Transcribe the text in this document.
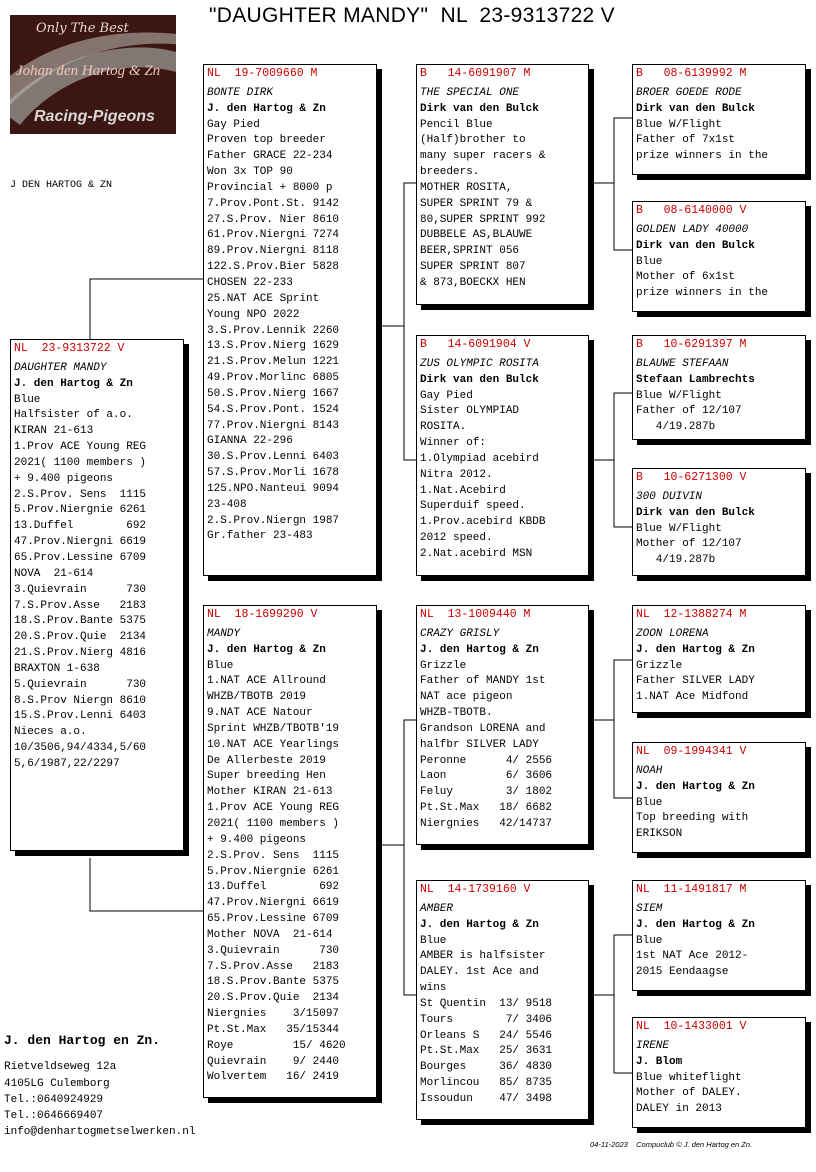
"DAUGHTER MANDY"  NL  23-9313722 V
Only The Best
Johan den Hartog & Zn
Racing-Pigeons
J DEN HARTOG & ZN
NL  23-9313722 V
DAUGHTER MANDY
J. den Hartog & Zn
Blue
Halfsister of a.o.
KIRAN 21-613
1.Prov ACE Young REG
2021( 1100 members )
+ 9.400 pigeons
2.S.Prov. Sens  1115
5.Prov.Niergnie 6261
13.Duffel        692
47.Prov.Niergni 6619
65.Prov.Lessine 6709
NOVA  21-614
3.Quievrain      730
7.S.Prov.Asse   2183
18.S.Prov.Bante 5375
20.S.Prov.Quie  2134
21.S.Prov.Nierg 4816
BRAXTON 1-638
5.Quievrain      730
8.S.Prov Niergn 8610
15.S.Prov.Lenni 6403
Nieces a.o.
10/3506,94/4334,5/60
5,6/1987,22/2297
NL  19-7009660 M
BONTE DIRK
J. den Hartog & Zn
Gay Pied
Proven top breeder
Father GRACE 22-234
Won 3x TOP 90
Provincial + 8000 p
7.Prov.Pont.St. 9142
27.S.Prov. Nier 8610
61.Prov.Niergni 7274
89.Prov.Niergni 8118
122.S.Prov.Bier 5828
CHOSEN 22-233
25.NAT ACE Sprint
Young NPO 2022
3.S.Prov.Lennik 2260
13.S.Prov.Nierg 1629
21.S.Prov.Melun 1221
49.Prov.Morlinc 6805
50.S.Prov.Nierg 1667
54.S.Prov.Pont. 1524
77.Prov.Niergni 8143
GIANNA 22-296
30.S.Prov.Lenni 6403
57.S.Prov.Morli 1678
125.NPO.Nanteui 9094
23-408
2.S.Prov.Niergn 1987
Gr.father 23-483
NL  18-1699290 V
MANDY
J. den Hartog & Zn
Blue
1.NAT ACE Allround
WHZB/TBOTB 2019
9.NAT ACE Natour
Sprint WHZB/TBOTB'19
10.NAT ACE Yearlings
De Allerbeste 2019
Super breeding Hen
Mother KIRAN 21-613
1.Prov ACE Young REG
2021( 1100 members )
+ 9.400 pigeons
2.S.Prov. Sens  1115
5.Prov.Niergnie 6261
13.Duffel        692
47.Prov.Niergni 6619
65.Prov.Lessine 6709
Mother NOVA  21-614
3.Quievrain      730
7.S.Prov.Asse   2183
18.S.Prov.Bante 5375
20.S.Prov.Quie  2134
Niergnies    3/15097
Pt.St.Max   35/15344
Roye         15/ 4620
Quievrain    9/ 2440
Wolvertem   16/ 2419
B   14-6091907 M
THE SPECIAL ONE
Dirk van den Bulck
Pencil Blue
(Half)brother to
many super racers &
breeders.
MOTHER ROSITA,
SUPER SPRINT 79 &
80,SUPER SPRINT 992
DUBBELE AS,BLAUWE
BEER,SPRINT 056
SUPER SPRINT 807
& 873,BOECKX HEN
B   14-6091904 V
ZUS OLYMPIC ROSITA
Dirk van den Bulck
Gay Pied
Sister OLYMPIAD
ROSITA.
Winner of:
1.Olympiad acebird
Nitra 2012.
1.Nat.Acebird
Superduif speed.
1.Prov.acebird KBDB
2012 speed.
2.Nat.acebird MSN
NL  13-1009440 M
CRAZY GRISLY
J. den Hartog & Zn
Grizzle
Father of MANDY 1st
NAT ace pigeon
WHZB-TBOTB.
Grandson LORENA and
halfbr SILVER LADY
Peronne      4/ 2556
Laon         6/ 3606
Feluy        3/ 1802
Pt.St.Max   18/ 6682
Niergnies   42/14737
NL  14-1739160 V
AMBER
J. den Hartog & Zn
Blue
AMBER is halfsister
DALEY. 1st Ace and
wins
St Quentin  13/ 9518
Tours        7/ 3406
Orleans S   24/ 5546
Pt.St.Max   25/ 3631
Bourges     36/ 4830
Morlincou   85/ 8735
Issoudun    47/ 3498
B   08-6139992 M
BROER GOEDE RODE
Dirk van den Bulck
Blue W/Flight
Father of 7x1st
prize winners in the
B   08-6140000 V
GOLDEN LADY 40000
Dirk van den Bulck
Blue
Mother of 6x1st
prize winners in the
B   10-6291397 M
BLAUWE STEFAAN
Stefaan Lambrechts
Blue W/Flight
Father of 12/107
4/19.287b
B   10-6271300 V
300 DUIVIN
Dirk van den Bulck
Blue W/Flight
Mother of 12/107
4/19.287b
NL  12-1388274 M
ZOON LORENA
J. den Hartog & Zn
Grizzle
Father SILVER LADY
1.NAT Ace Midfond
NL  09-1994341 V
NOAH
J. den Hartog & Zn
Blue
Top breeding with
ERIKSON
NL  11-1491817 M
SIEM
J. den Hartog & Zn
Blue
1st NAT Ace 2012-
2015 Eendaagse
NL  10-1433001 V
IRENE
J. Blom
Blue whiteflight
Mother of DALEY.
DALEY in 2013
J. den Hartog en Zn.
Rietveldseweg 12a
4105LG Culemborg
Tel.:0640924929
Tel.:0646669407
info@denhartogmetselwerken.nl
04-11-2023    Compuclub © J. den Hartog en Zn.
